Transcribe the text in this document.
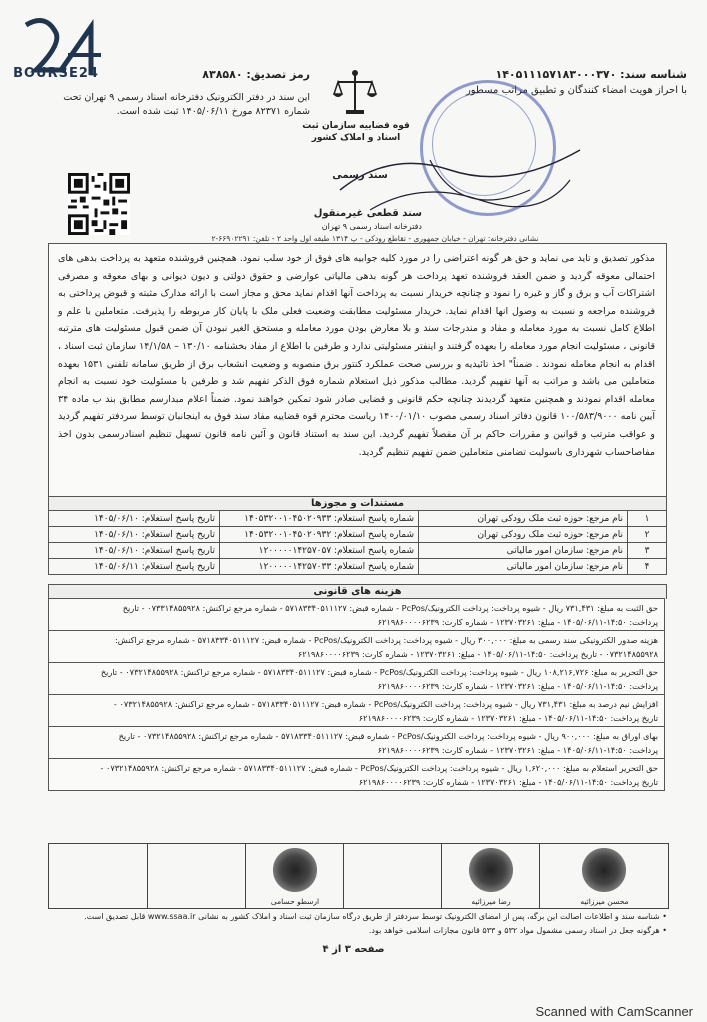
BOURSE24	شناسه سند: ۱۴۰۵۱۱۱۵۷۱۸۳۰۰۰۳۷۰
با احراز هویت امضاء کنندگان و تطبیق مراتب مسطور
رمز تصدیق: ۸۳۸۵۸۰
این سند در دفتر الکترونیک دفترخانه اسناد رسمی ۹ تهران تحت شماره ۸۲۳۷۱ مورخ ۱۴۰۵/۰۶/۱۱ ثبت شده است.
قوه قضاییه سازمان ثبت اسناد و املاک کشور
سند رسمی
سند قطعی غیرمنقول
دفترخانه اسناد رسمی ۹ تهران
نشانی دفترخانه: تهران - خیابان جمهوری - تقاطع رودکی - پ ۱۳۱۴ طبقه اول واحد ۲ - تلفن: ۶۶۹۰۲۲۹۱-۲
مذکور تصدیق و تاید می نماید و حق هر گونه اعتراضی را در مورد کلیه جوابیه های فوق از خود سلب نمود. همچنین فروشنده متعهد به پرداخت بدهی های احتمالی معوقه گردید و ضمن العقد فروشنده تعهد پرداخت هر گونه بدهی مالیاتی عوارضی و حقوق دولتی و دیون دیوانی و بهای معوقه و مصرفی اشتراکات آب و برق و گاز و غیره را نمود و چنانچه خریدار نسبت به پرداخت آنها اقدام نماید محق و مجاز است با ارائه مدارک مثبته و قبوض پرداختی به فروشنده مراجعه و نسبت به وصول انها اقدام نماید. خریدار مسئولیت مطابقت وضعیت فعلی ملک با پایان کار مربوطه را پذیرفت. متعاملین با علم و اطلاع کامل نسبت به مورد معامله و مفاد و مندرجات سند و بلا معارض بودن مورد معامله و مستحق الغیر نبودن آن ضمن قبول مسئولیت های مترتبه قانونی ، مسئولیت انجام مورد معامله را بعهده گرفتند و اینفتر مسئولیتی ندارد و طرفین با اطلاع از مفاد بخشنامه ۱۳۰/۱۰ – ۱۴/۱/۵۸ سازمان ثبت اسناد ، اقدام به انجام معامله نمودند . ضمناً" اخذ تائیدیه و بررسی صحت عملکرد کنتور برق منصوبه و وضعیت انشعاب برق از طریق سامانه تلفنی ۱۵۳۱ بعهده متعاملین می باشد و مراتب به آنها تفهیم گردید. مطالب مذکور ذیل استعلام شماره فوق الذکر تفهیم شد و طرفین با مسئولیت خود نسبت به انجام معامله اقدام نمودند و همچنین متعهد گردیدند چنانچه حکم قانونی و قضایی صادر شود تمکین خواهند نمود. ضمناً اعلام مبدارسم مطابق بند ب ماده ۳۴ آیین نامه ۱۰۰/۵۸۳/۹۰۰۰ قانون دفاتر اسناد رسمی مصوب ۱۴۰۰/۰۱/۱۰ ریاست محترم قوه قضاییه مفاد سند فوق به اینجانبان توسط سردفتر تفهیم گردید و عواقب مترتب و قوانین و مقررات حاکم بر آن مفصلاً تفهیم گردید. این سند به استناد قانون و آئین نامه قانون تسهیل تنظیم اسنادرسمی بدون اخذ مفاصاحساب شهرداری باسولیت تضامنی متعاملین ضمن تفهیم تنظیم گردید.
مستندات و مجوزها
۱	نام مرجع: حوزه ثبت ملک رودکی تهران	شماره پاسخ استعلام: ۱۴۰۵۳۲۰۰۱۰۴۵۰۲۰۹۳۳	تاریخ پاسخ استعلام: ۱۴۰۵/۰۶/۱۰
۲	نام مرجع: حوزه ثبت ملک رودکی تهران	شماره پاسخ استعلام: ۱۴۰۵۳۲۰۰۱۰۴۵۰۲۰۹۳۲	تاریخ پاسخ استعلام: ۱۴۰۵/۰۶/۱۰
۳	نام مرجع: سازمان امور مالیاتی	شماره پاسخ استعلام: ۱۲۰۰۰۰۰۱۴۲۵۷۰۵۷	تاریخ پاسخ استعلام: ۱۴۰۵/۰۶/۱۰
۴	نام مرجع: سازمان امور مالیاتی	شماره پاسخ استعلام: ۱۲۰۰۰۰۰۱۴۲۵۷۰۳۳	تاریخ پاسخ استعلام: ۱۴۰۵/۰۶/۱۱
هزینه های قانونی
حق الثبت به مبلغ: ۷۳۱,۴۳۱ ریال - شیوه پرداخت: پرداخت الکترونیک/PcPos - شماره قبض: ۵۷۱۸۳۳۴۰۵۱۱۱۲۷ - شماره مرجع تراکنش: ۰۷۳۳۱۴۸۵۵۹۲۸ - تاریخ
پرداخت: ۱۴:۵۰-۱۴۰۵/۰۶/۱۱ - مبلغ: ۱۲۳۷۰۳۲۶۱ - شماره کارت: ۶۲۱۹۸۶۰۰۰۰۶۲۳۹
هزینه صدور الکترونیکی سند رسمی به مبلغ: ۳۰۰,۰۰۰ ریال - شیوه پرداخت: پرداخت الکترونیک/PcPos - شماره قبض: ۵۷۱۸۳۳۴۰۵۱۱۱۲۷ - شماره مرجع تراکنش:
۰۷۳۲۱۴۸۵۵۹۲۸ - تاریخ پرداخت: ۱۴:۵۰-۱۴۰۵/۰۶/۱۱ - مبلغ: ۱۲۳۷۰۳۲۶۱ - شماره کارت: ۶۲۱۹۸۶۰۰۰۰۶۲۳۹
حق التحریر به مبلغ: ۱۰۸,۲۱۶,۷۲۶ ریال - شیوه پرداخت: پرداخت الکترونیک/PcPos - شماره قبض: ۵۷۱۸۳۳۴۰۵۱۱۱۲۷ - شماره مرجع تراکنش: ۰۷۳۲۱۴۸۵۵۹۲۸ - تاریخ
پرداخت: ۱۴:۵۰-۱۴۰۵/۰۶/۱۱ - مبلغ: ۱۲۳۷۰۳۲۶۱ - شماره کارت: ۶۲۱۹۸۶۰۰۰۰۶۲۳۹
افزایش نیم درصد به مبلغ: ۷۳۱,۴۳۱ ریال - شیوه پرداخت: پرداخت الکترونیک/PcPos - شماره قبض: ۵۷۱۸۳۳۴۰۵۱۱۱۲۷ - شماره مرجع تراکنش: ۰۷۳۲۱۴۸۵۵۹۲۸ -
تاریخ پرداخت: ۱۴:۵۰-۱۴۰۵/۰۶/۱۱ - مبلغ: ۱۲۳۷۰۳۲۶۱ - شماره کارت: ۶۲۱۹۸۶۰۰۰۰۶۲۳۹
بهای اوراق به مبلغ: ۹۰۰,۰۰۰ ریال - شیوه پرداخت: پرداخت الکترونیک/PcPos - شماره قبض: ۵۷۱۸۳۳۴۰۵۱۱۱۲۷ - شماره مرجع تراکنش: ۰۷۳۲۱۴۸۵۵۹۲۸ - تاریخ
پرداخت: ۱۴:۵۰-۱۴۰۵/۰۶/۱۱ - مبلغ: ۱۲۳۷۰۳۲۶۱ - شماره کارت: ۶۲۱۹۸۶۰۰۰۰۶۲۳۹
حق التحریر استعلام به مبلغ: ۱,۶۲۰,۰۰۰ ریال - شیوه پرداخت: پرداخت الکترونیک/PcPos - شماره قبض: ۵۷۱۸۳۳۴۰۵۱۱۱۲۷ - شماره مرجع تراکنش: ۰۷۳۲۱۴۸۵۵۹۲۸ -
تاریخ پرداخت: ۱۴:۵۰-۱۴۰۵/۰۶/۱۱ - مبلغ: ۱۲۳۷۰۳۲۶۱ - شماره کارت: ۶۲۱۹۸۶۰۰۰۰۶۲۳۹
ارسطو حسامی	رضا میرزائیه	محسن میرزائیه
• شناسه سند و اطلاعات اصالت این برگه، پس از امضای الکترونیک توسط سردفتر از طریق درگاه سازمان ثبت اسناد و املاک کشور به نشانی www.ssaa.ir قابل تصدیق است.
• هرگونه جعل در اسناد رسمی مشمول مواد ۵۳۲ و ۵۳۳ قانون مجازات اسلامی خواهد بود.
صفحه ۳ از ۴
Scanned with CamScanner
